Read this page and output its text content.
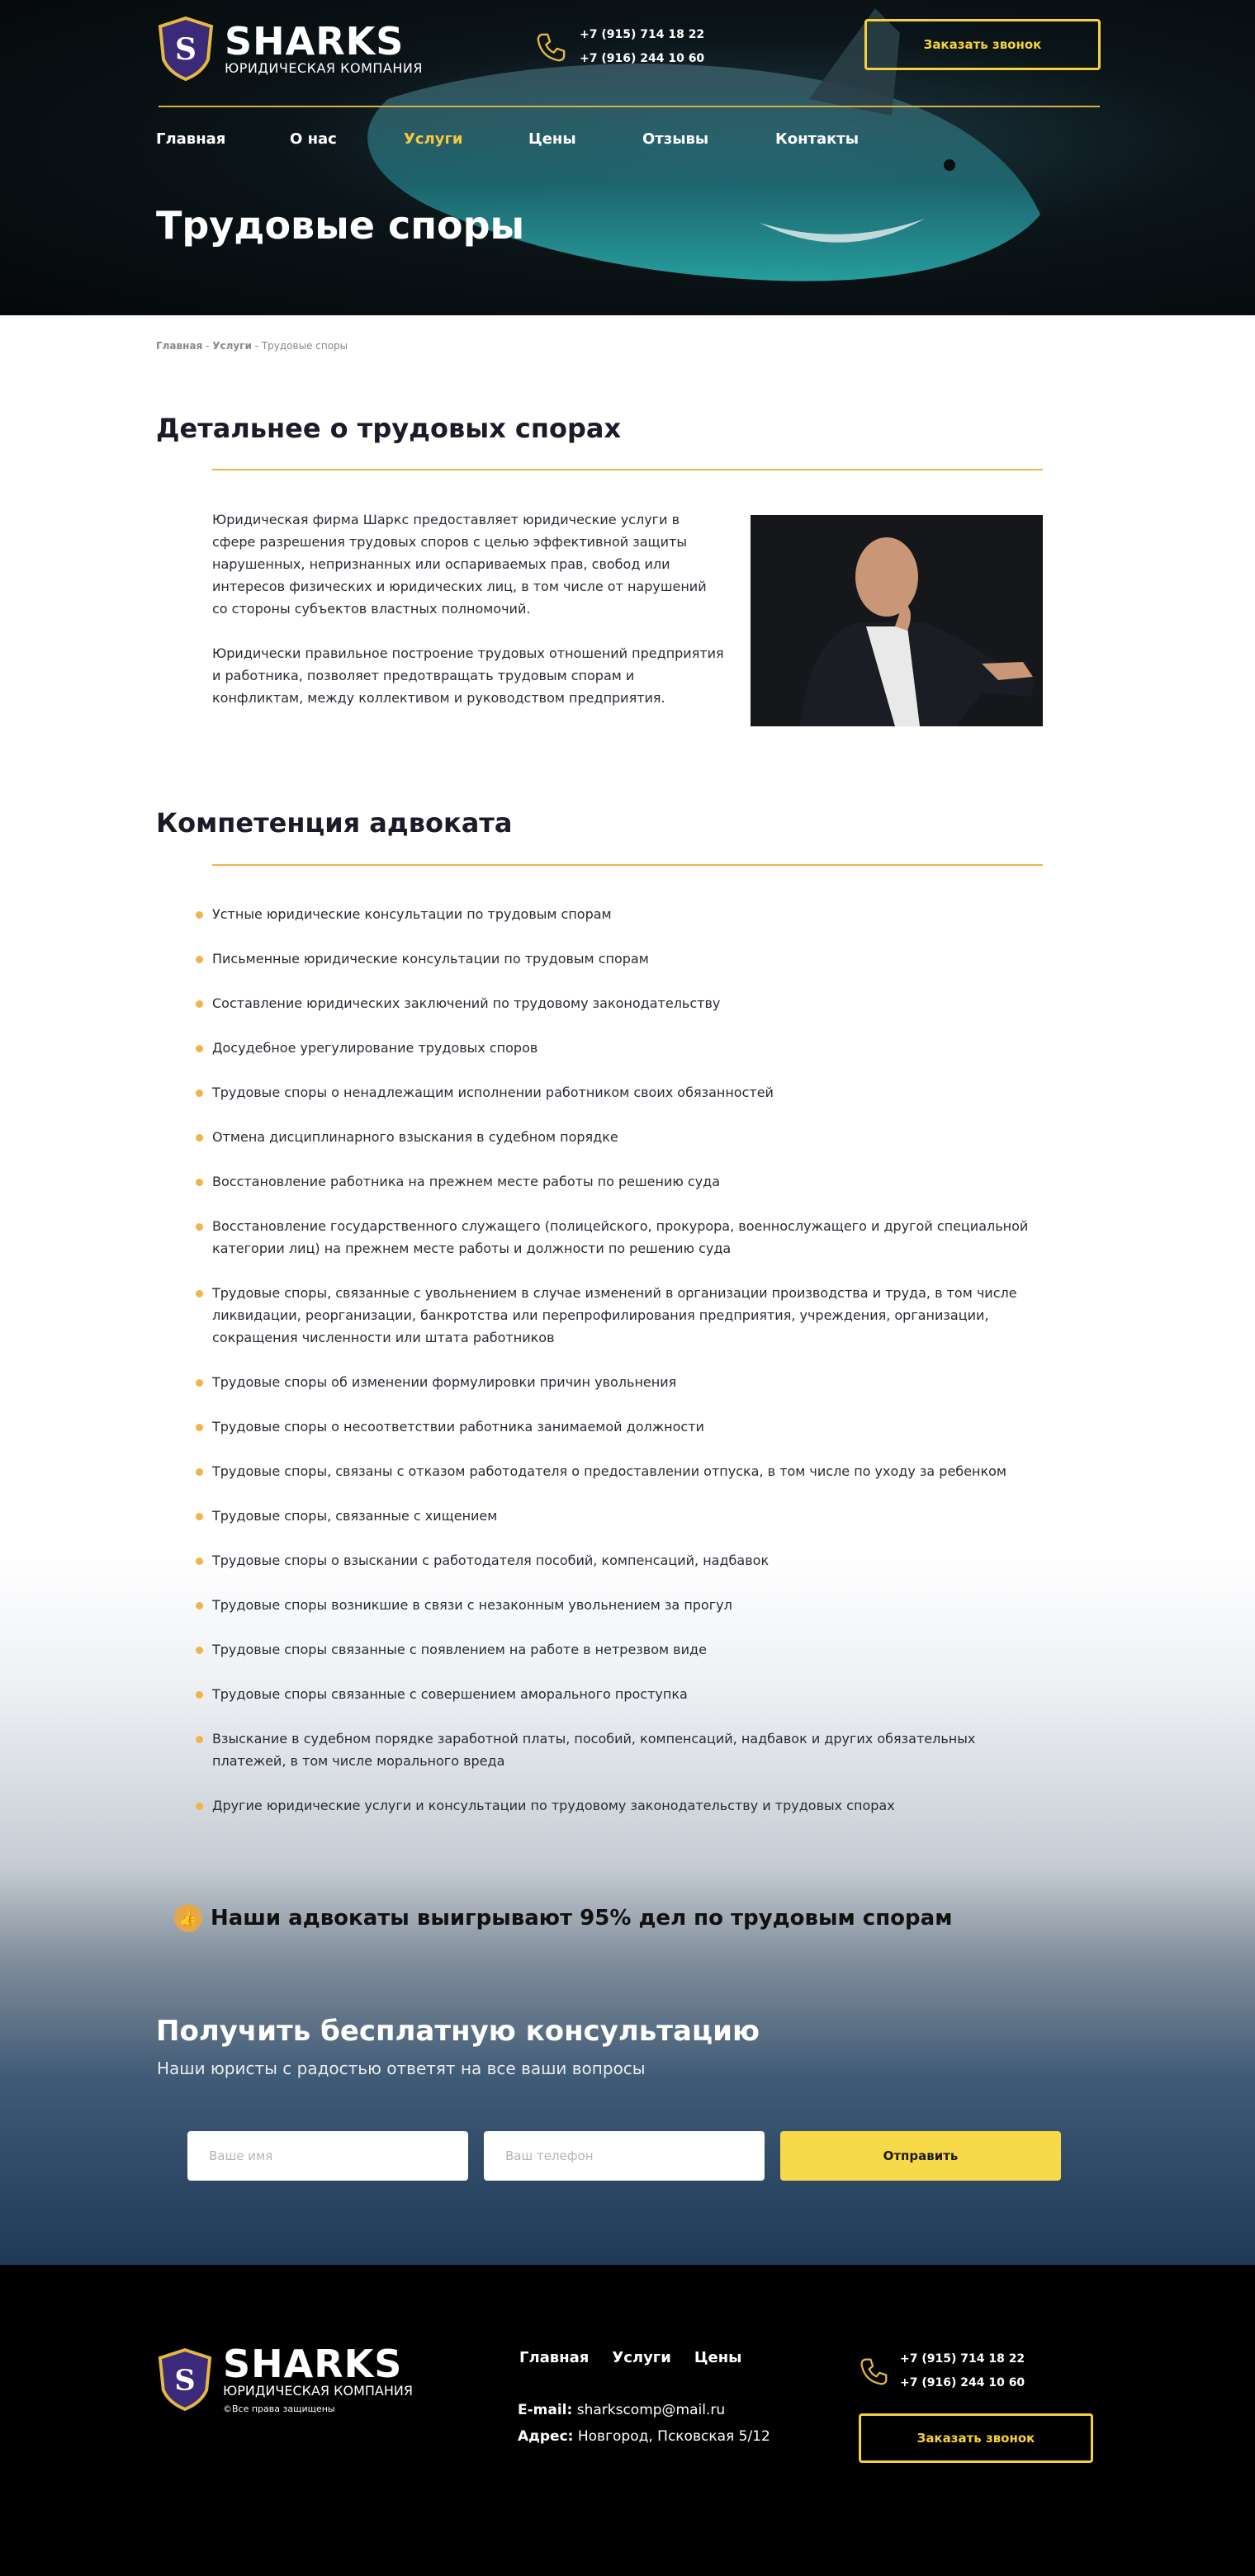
S SHARKS
ЮРИДИЧЕСКАЯ КОМПАНИЯ
+7 (915) 714 18 22
+7 (916) 244 10 60
Заказать звонок
Главная	О нас	Услуги	Цены	Отзывы	Контакты
Трудовые споры
Главная - Услуги - Трудовые споры
Детальнее о трудовых спорах

Юридическая фирма Шаркс предоставляет юридические услуги в сфере разрешения трудовых споров с целью эффективной защиты нарушенных, непризнанных или оспариваемых прав, свобод или интересов физических и юридических лиц, в том числе от нарушений со стороны субъектов властных полномочий.

Юридически правильное построение трудовых отношений предприятия и работника, позволяет предотвращать трудовым спорам и конфликтам, между коллективом и руководством предприятия.

Компетенция адвоката
Устные юридические консультации по трудовым спорам
Письменные юридические консультации по трудовым спорам
Составление юридических заключений по трудовому законодательству
Досудебное урегулирование трудовых споров
Трудовые споры о ненадлежащим исполнении работником своих обязанностей
Отмена дисциплинарного взыскания в судебном порядке
Восстановление работника на прежнем месте работы по решению суда
Восстановление государственного служащего (полицейского, прокурора, военнослужащего и другой специальной категории лиц) на прежнем месте работы и должности по решению суда
Трудовые споры, связанные с увольнением в случае изменений в организации производства и труда, в том числе ликвидации, реорганизации, банкротства или перепрофилирования предприятия, учреждения, организации, сокращения численности или штата работников
Трудовые споры об изменении формулировки причин увольнения
Трудовые споры о несоответствии работника занимаемой должности
Трудовые споры, связаны с отказом работодателя о предоставлении отпуска, в том числе по уходу за ребенком
Трудовые споры, связанные с хищением
Трудовые споры о взыскании с работодателя пособий, компенсаций, надбавок
Трудовые споры возникшие в связи с незаконным увольнением за прогул
Трудовые споры связанные с появлением на работе в нетрезвом виде
Трудовые споры связанные с совершением аморального проступка
Взыскание в судебном порядке заработной платы, пособий, компенсаций, надбавок и других обязательных платежей, в том числе морального вреда
Другие юридические услуги и консультации по трудовому законодательству и трудовых спорах
👍 Наши адвокаты выигрывают 95% дел по трудовым спорам
Получить бесплатную консультацию

Наши юристы с радостью ответят на все ваши вопросы

Ваше имя
Ваш телефон
Отправить
S SHARKS
ЮРИДИЧЕСКАЯ КОМПАНИЯ
©Все права защищены
Главная Услуги Цены
E-mail: sharkscomp@mail.ru
Адрес: Новгород, Псковская 5/12
+7 (915) 714 18 22
+7 (916) 244 10 60
Заказать звонок
